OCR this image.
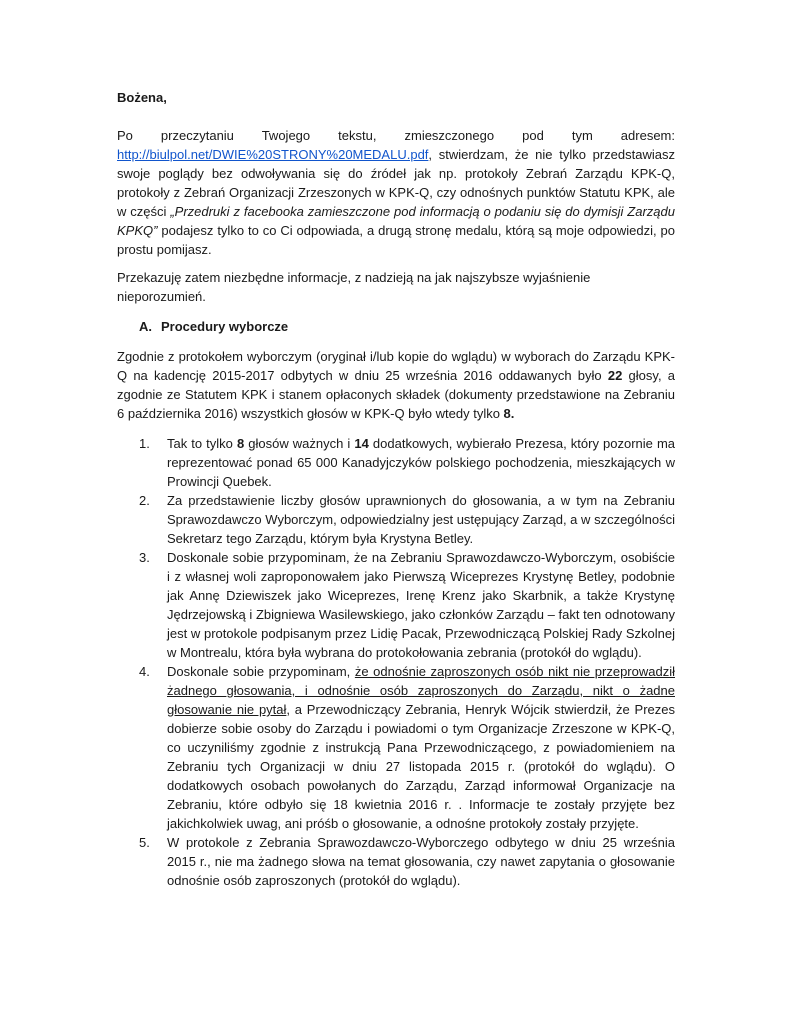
Bożena,

Po przeczytaniu Twojego tekstu, zmieszczonego pod tym adresem: http://biulpol.net/DWIE%20STRONY%20MEDALU.pdf, stwierdzam, że nie tylko przedstawiasz swoje poglądy bez odwoływania się do źródeł jak np. protokoły Zebrań Zarządu KPK-Q, protokoły z Zebrań Organizacji Zrzeszonych w KPK-Q, czy odnośnych punktów Statutu KPK, ale w części „Przedruki z facebooka zamieszczone pod informacją o podaniu się do dymisji Zarządu KPKQ” podajesz tylko to co Ci odpowiada, a drugą stronę medalu, którą są moje odpowiedzi, po prostu pomijasz.

Przekazuję zatem niezbędne informacje, z nadzieją na jak najszybsze wyjaśnienie nieporozumień.

A. Procedury wyborcze

Zgodnie z protokołem wyborczym (oryginał i/lub kopie do wglądu) w wyborach do Zarządu KPK-Q na kadencję 2015-2017 odbytych w dniu 25 września 2016 oddawanych było 22 głosy, a zgodnie ze Statutem KPK i stanem opłaconych składek (dokumenty przedstawione na Zebraniu 6 października 2016) wszystkich głosów w KPK-Q było wtedy tylko 8.

1. Tak to tylko 8 głosów ważnych i 14 dodatkowych, wybierało Prezesa, który pozornie ma reprezentować ponad 65 000 Kanadyjczyków polskiego pochodzenia, mieszkających w Prowincji Quebek.
2. Za przedstawienie liczby głosów uprawnionych do głosowania, a w tym na Zebraniu Sprawozdawczo Wyborczym, odpowiedzialny jest ustępujący Zarząd, a w szczególności Sekretarz tego Zarządu, którym była Krystyna Betley.
3. Doskonale sobie przypominam, że na Zebraniu Sprawozdawczo-Wyborczym, osobiście i z własnej woli zaproponowałem jako Pierwszą Wiceprezes Krystynę Betley, podobnie jak Annę Dziewiszek jako Wiceprezes, Irenę Krenz jako Skarbnik, a także Krystynę Jędrzejowską i Zbigniewa Wasilewskiego, jako członków Zarządu – fakt ten odnotowany jest w protokole podpisanym przez Lidię Pacak, Przewodniczącą Polskiej Rady Szkolnej w Montrealu, która była wybrana do protokołowania zebrania (protokół do wglądu).
4. Doskonale sobie przypominam, że odnośnie zaproszonych osób nikt nie przeprowadził żadnego głosowania, i odnośnie osób zaproszonych do Zarządu, nikt o żadne głosowanie nie pytał, a Przewodniczący Zebrania, Henryk Wójcik stwierdził, że Prezes dobierze sobie osoby do Zarządu i powiadomi o tym Organizacje Zrzeszone w KPK-Q, co uczyniliśmy zgodnie z instrukcją Pana Przewodniczącego, z powiadomieniem na Zebraniu tych Organizacji w dniu 27 listopada 2015 r. (protokół do wglądu). O dodatkowych osobach powołanych do Zarządu, Zarząd informował Organizacje na Zebraniu, które odbyło się 18 kwietnia 2016 r. . Informacje te zostały przyjęte bez jakichkolwiek uwag, ani próśb o głosowanie, a odnośne protokoły zostały przyjęte.
5. W protokole z Zebrania Sprawozdawczo-Wyborczego odbytego w dniu 25 września 2015 r., nie ma żadnego słowa na temat głosowania, czy nawet zapytania o głosowanie odnośnie osób zaproszonych (protokół do wglądu).
